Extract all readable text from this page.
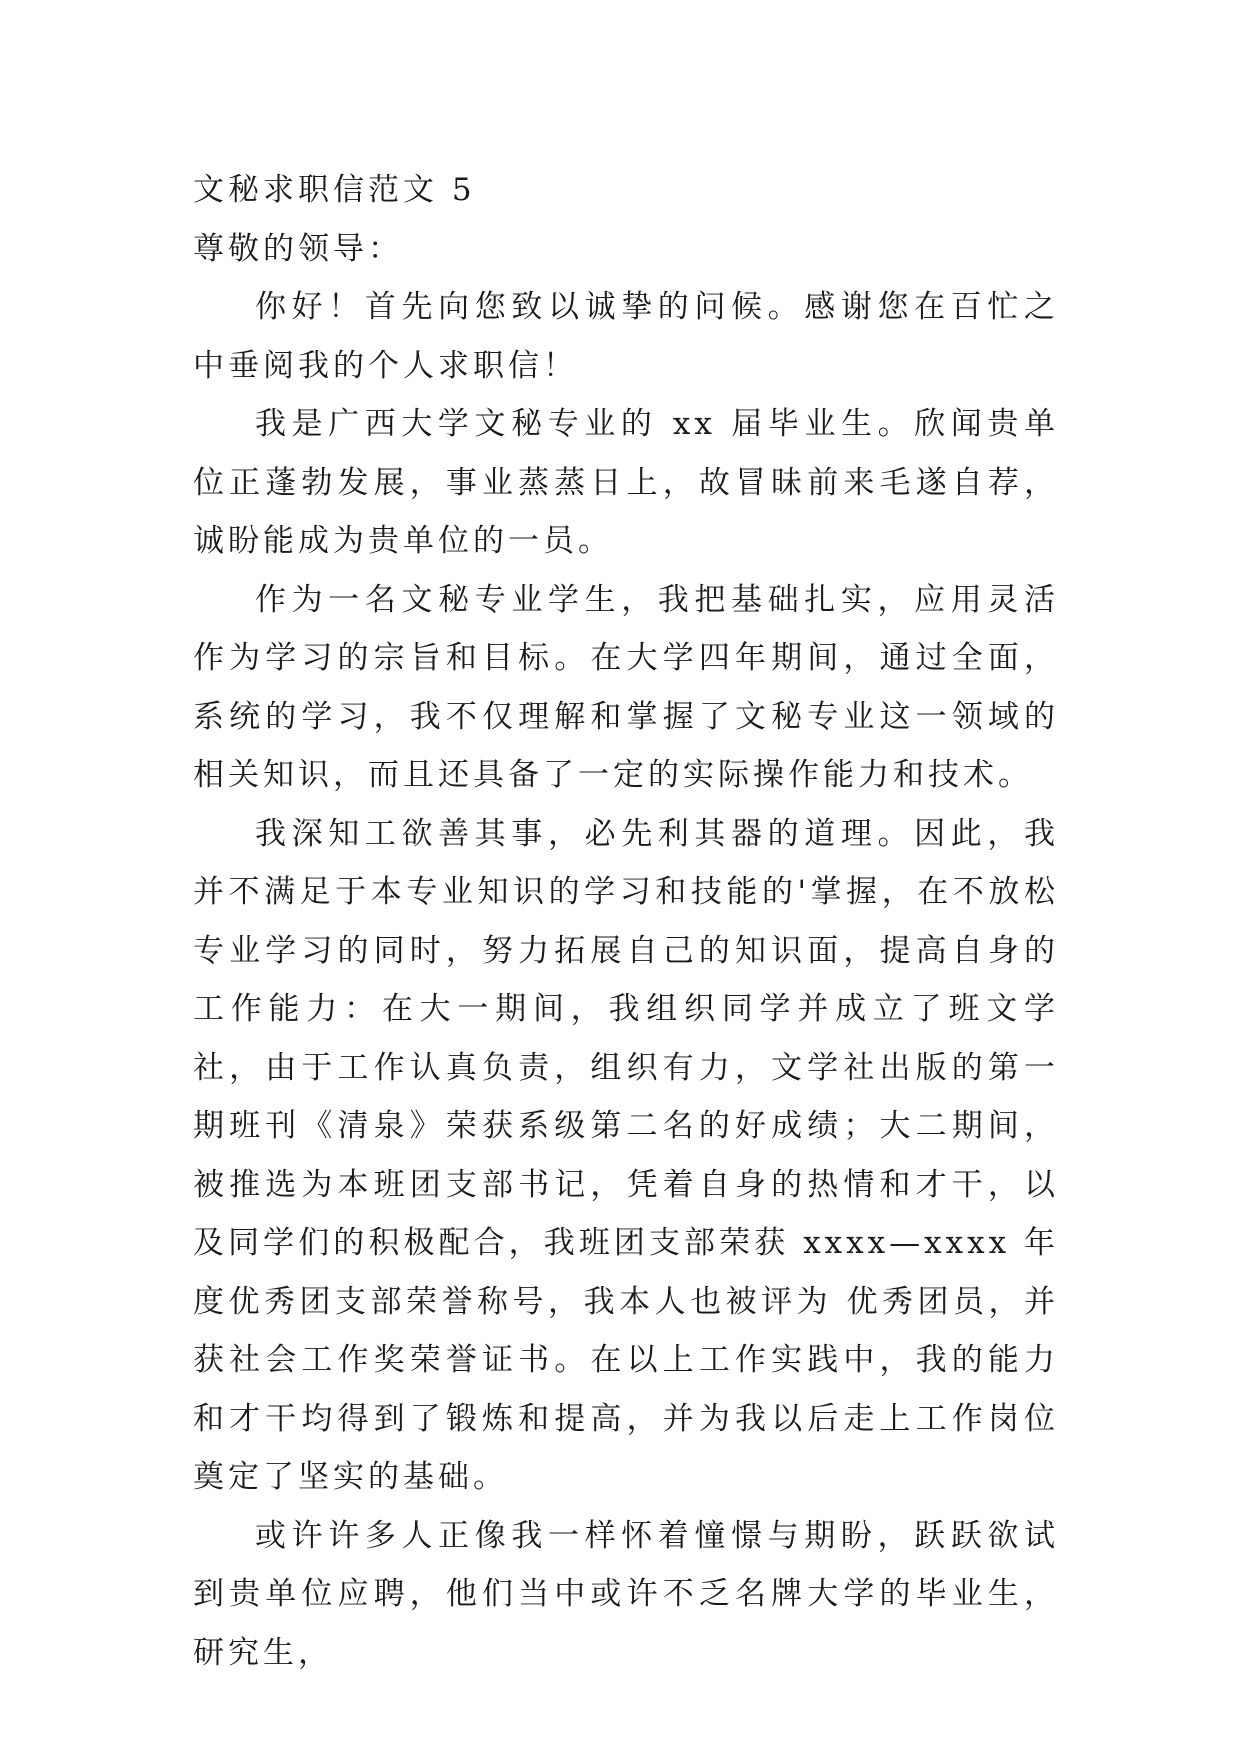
文秘求职信范文 5

尊敬的领导：

你好！首先向您致以诚挚的问候。感谢您在百忙之中垂阅我的个人求职信！

我是广西大学文秘专业的 xx 届毕业生。欣闻贵单位正蓬勃发展，事业蒸蒸日上，故冒昧前来毛遂自荐，诚盼能成为贵单位的一员。

作为一名文秘专业学生，我把基础扎实，应用灵活作为学习的宗旨和目标。在大学四年期间，通过全面，系统的学习，我不仅理解和掌握了文秘专业这一领域的相关知识，而且还具备了一定的实际操作能力和技术。

我深知工欲善其事，必先利其器的道理。因此，我并不满足于本专业知识的学习和技能的'掌握，在不放松专业学习的同时，努力拓展自己的知识面，提高自身的工作能力：在大一期间，我组织同学并成立了班文学社，由于工作认真负责，组织有力，文学社出版的第一期班刊《清泉》荣获系级第二名的好成绩；大二期间，被推选为本班团支部书记，凭着自身的热情和才干，以及同学们的积极配合，我班团支部荣获 xxxx—xxxx 年度优秀团支部荣誉称号，我本人也被评为 优秀团员，并获社会工作奖荣誉证书。在以上工作实践中，我的能力和才干均得到了锻炼和提高，并为我以后走上工作岗位奠定了坚实的基础。

或许许多人正像我一样怀着憧憬与期盼，跃跃欲试到贵单位应聘，他们当中或许不乏名牌大学的毕业生，研究生，
